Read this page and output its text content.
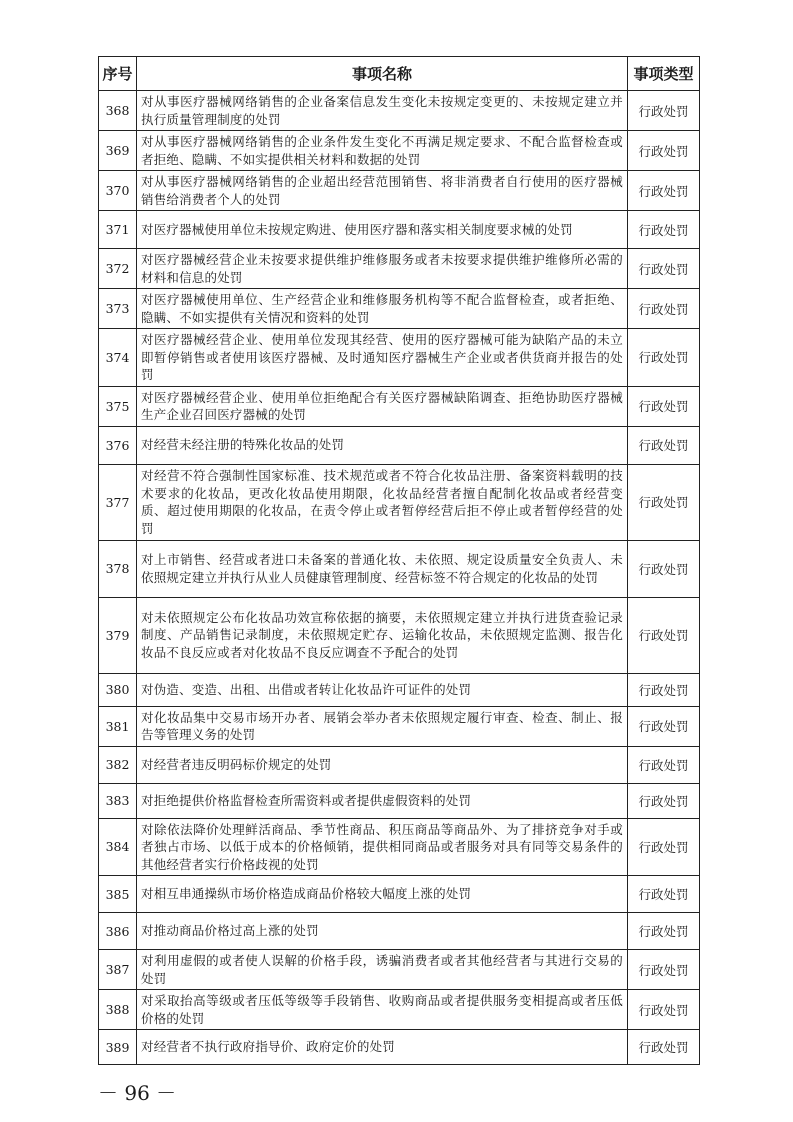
序号	事项名称	事项类型
368	对从事医疗器械网络销售的企业备案信息发生变化未按规定变更的、未按规定建立并执行质量管理制度的处罚	行政处罚
369	对从事医疗器械网络销售的企业条件发生变化不再满足规定要求、不配合监督检查或者拒绝、隐瞒、不如实提供相关材料和数据的处罚	行政处罚
370	对从事医疗器械网络销售的企业超出经营范围销售、将非消费者自行使用的医疗器械销售给消费者个人的处罚	行政处罚
371	对医疗器械使用单位未按规定购进、使用医疗器和落实相关制度要求械的处罚	行政处罚
372	对医疗器械经营企业未按要求提供维护维修服务或者未按要求提供维护维修所必需的材料和信息的处罚	行政处罚
373	对医疗器械使用单位、生产经营企业和维修服务机构等不配合监督检查，或者拒绝、隐瞒、不如实提供有关情况和资料的处罚	行政处罚
374	对医疗器械经营企业、使用单位发现其经营、使用的医疗器械可能为缺陷产品的未立即暂停销售或者使用该医疗器械、及时通知医疗器械生产企业或者供货商并报告的处罚	行政处罚
375	对医疗器械经营企业、使用单位拒绝配合有关医疗器械缺陷调查、拒绝协助医疗器械生产企业召回医疗器械的处罚	行政处罚
376	对经营未经注册的特殊化妆品的处罚	行政处罚
377	对经营不符合强制性国家标准、技术规范或者不符合化妆品注册、备案资料载明的技术要求的化妆品，更改化妆品使用期限，化妆品经营者擅自配制化妆品或者经营变质、超过使用期限的化妆品，在责令停止或者暂停经营后拒不停止或者暂停经营的处罚	行政处罚
378	对上市销售、经营或者进口未备案的普通化妆、未依照、规定设质量安全负责人、未依照规定建立并执行从业人员健康管理制度、经营标签不符合规定的化妆品的处罚	行政处罚
379	对未依照规定公布化妆品功效宣称依据的摘要，未依照规定建立并执行进货查验记录制度、产品销售记录制度，未依照规定贮存、运输化妆品，未依照规定监测、报告化妆品不良反应或者对化妆品不良反应调查不予配合的处罚	行政处罚
380	对伪造、变造、出租、出借或者转让化妆品许可证件的处罚	行政处罚
381	对化妆品集中交易市场开办者、展销会举办者未依照规定履行审查、检查、制止、报告等管理义务的处罚	行政处罚
382	对经营者违反明码标价规定的处罚	行政处罚
383	对拒绝提供价格监督检查所需资料或者提供虚假资料的处罚	行政处罚
384	对除依法降价处理鲜活商品、季节性商品、积压商品等商品外、为了排挤竞争对手或者独占市场、以低于成本的价格倾销，提供相同商品或者服务对具有同等交易条件的其他经营者实行价格歧视的处罚	行政处罚
385	对相互串通操纵市场价格造成商品价格较大幅度上涨的处罚	行政处罚
386	对推动商品价格过高上涨的处罚	行政处罚
387	对利用虚假的或者使人误解的价格手段，诱骗消费者或者其他经营者与其进行交易的处罚	行政处罚
388	对采取抬高等级或者压低等级等手段销售、收购商品或者提供服务变相提高或者压低价格的处罚	行政处罚
389	对经营者不执行政府指导价、政府定价的处罚	行政处罚
－ 96 －
